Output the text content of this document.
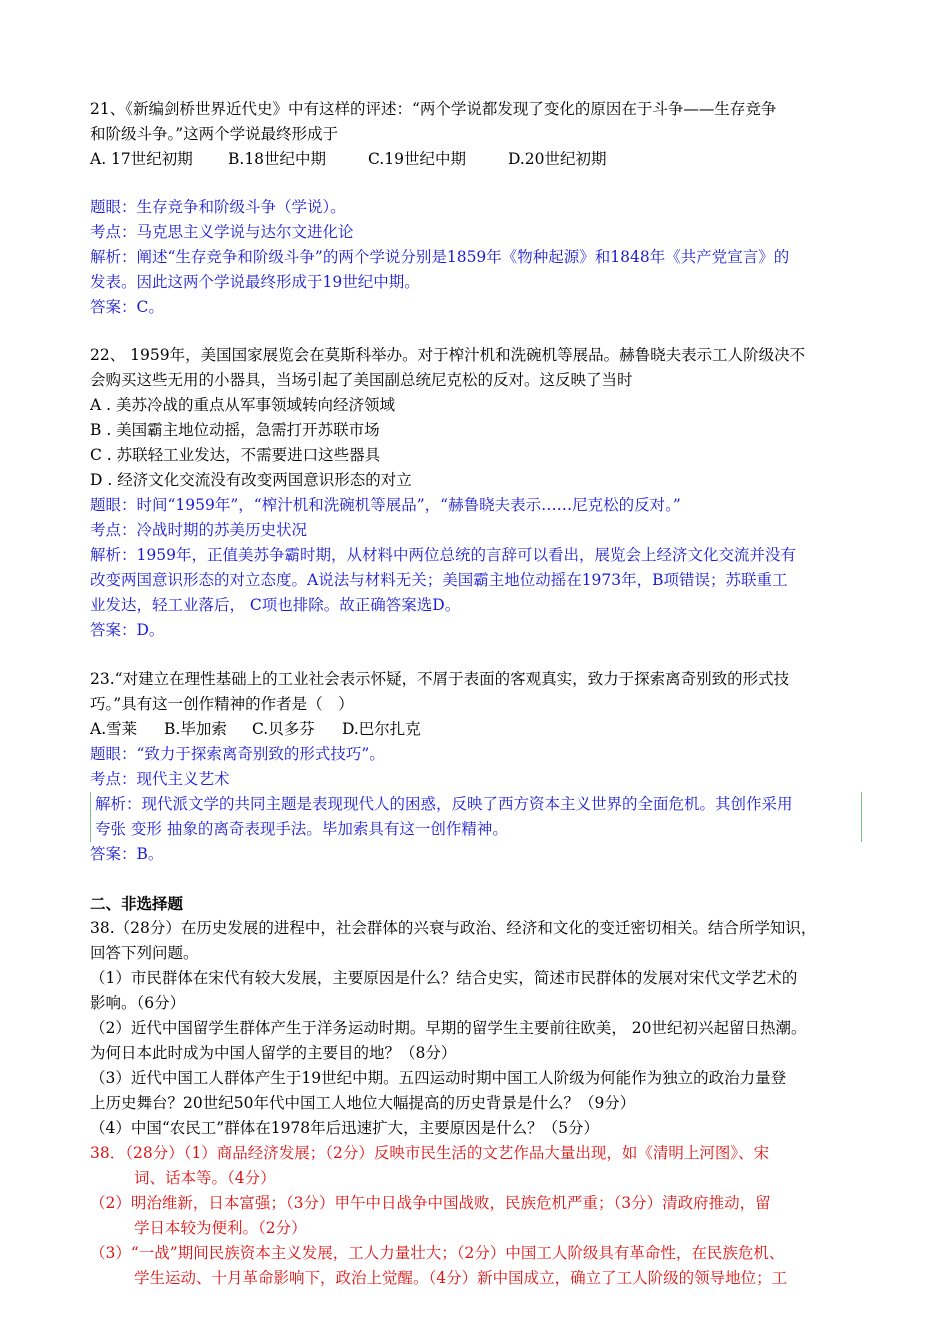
21、《新编剑桥世界近代史》中有这样的评述：“两个学说都发现了变化的原因在于斗争——生存竞争
和阶级斗争。”这两个学说最终形成于
A. 17世纪初期 B.18世纪中期	C.19世纪中期	D.20世纪初期
题眼：生存竞争和阶级斗争（学说）。
考点：马克思主义学说与达尔文进化论
解析：阐述“生存竞争和阶级斗争”的两个学说分别是1859年《物种起源》和1848年《共产党宣言》的
发表。因此这两个学说最终形成于19世纪中期。
答案：C。
22、 1959年，美国国家展览会在莫斯科举办。对于榨汁机和洗碗机等展品。赫鲁晓夫表示工人阶级决不
会购买这些无用的小器具，当场引起了美国副总统尼克松的反对。这反映了当时
A . 美苏冷战的重点从军事领域转向经济领域
B . 美国霸主地位动摇，急需打开苏联市场
C . 苏联轻工业发达，不需要进口这些器具
D . 经济文化交流没有改变两国意识形态的对立
题眼：时间“1959年”，“榨汁机和洗碗机等展品”，“赫鲁晓夫表示……尼克松的反对。”
考点：冷战时期的苏美历史状况
解析：1959年，正值美苏争霸时期，从材料中两位总统的言辞可以看出，展览会上经济文化交流并没有
改变两国意识形态的对立态度。A说法与材料无关；美国霸主地位动摇在1973年，B项错误；苏联重工
业发达，轻工业落后， C项也排除。故正确答案选D。
答案：D。
23.“对建立在理性基础上的工业社会表示怀疑，不屑于表面的客观真实，致力于探索离奇别致的形式技
巧。”具有这一创作精神的作者是（　）
A.雪莱 B.毕加索 C.贝多芬 D.巴尔扎克
题眼：“致力于探索离奇别致的形式技巧”。
考点：现代主义艺术
解析：现代派文学的共同主题是表现现代人的困惑，反映了西方资本主义世界的全面危机。其创作采用
夸张 变形 抽象的离奇表现手法。毕加索具有这一创作精神。
答案：B。
二、非选择题
38.（28分）在历史发展的进程中，社会群体的兴衰与政治、经济和文化的变迁密切相关。结合所学知识，
回答下列问题。
（1）市民群体在宋代有较大发展，主要原因是什么？结合史实，简述市民群体的发展对宋代文学艺术的
影响。（6分）
（2）近代中国留学生群体产生于洋务运动时期。早期的留学生主要前往欧美， 20世纪初兴起留日热潮。
为何日本此时成为中国人留学的主要目的地？（8分）
（3）近代中国工人群体产生于19世纪中期。五四运动时期中国工人阶级为何能作为独立的政治力量登
上历史舞台？20世纪50年代中国工人地位大幅提高的历史背景是什么？（9分）
（4）中国“农民工”群体在1978年后迅速扩大，主要原因是什么？（5分）
38．（28分）（1）商品经济发展；（2分）反映市民生活的文艺作品大量出现，如《清明上河图》、宋
词、话本等。（4分）
（2）明治维新，日本富强；（3分）甲午中日战争中国战败，民族危机严重；（3分）清政府推动，留
学日本较为便利。（2分）
（3）“一战”期间民族资本主义发展，工人力量壮大；（2分）中国工人阶级具有革命性，在民族危机、
学生运动、十月革命影响下，政治上觉醒。（4分）新中国成立，确立了工人阶级的领导地位；工
